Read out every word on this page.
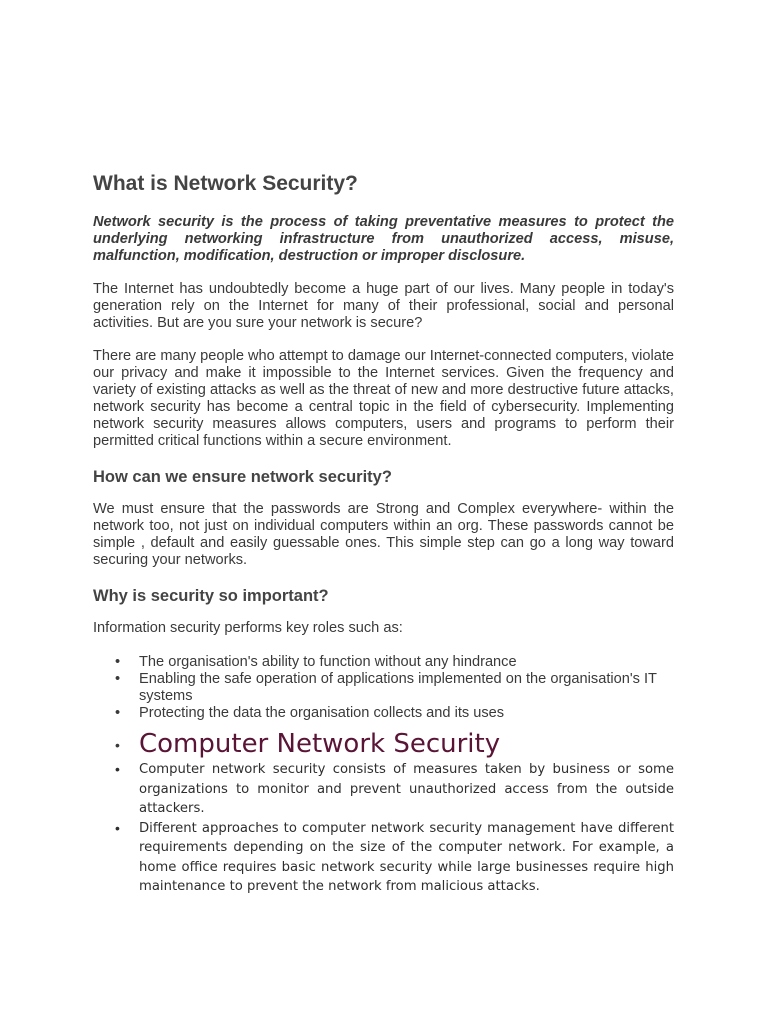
What is Network Security?

Network security is the process of taking preventative measures to protect the underlying networking infrastructure from unauthorized access, misuse, malfunction, modification, destruction or improper disclosure.

The Internet has undoubtedly become a huge part of our lives. Many people in today's generation rely on the Internet for many of their professional, social and personal activities. But are you sure your network is secure?

There are many people who attempt to damage our Internet-connected computers, violate our privacy and make it impossible to the Internet services. Given the frequency and variety of existing attacks as well as the threat of new and more destructive future attacks, network security has become a central topic in the field of cybersecurity. Implementing network security measures allows computers, users and programs to perform their permitted critical functions within a secure environment.

How can we ensure network security?

We must ensure that the passwords are Strong and Complex everywhere- within the network too, not just on individual computers within an org. These passwords cannot be simple , default and easily guessable ones. This simple step can go a long way toward securing your networks.

Why is security so important?

Information security performs key roles such as:

• The organisation's ability to function without any hindrance
• Enabling the safe operation of applications implemented on the organisation's IT systems
• Protecting the data the organisation collects and its uses
• Computer Network Security
• Computer network security consists of measures taken by business or some organizations to monitor and prevent unauthorized access from the outside attackers.
• Different approaches to computer network security management have different requirements depending on the size of the computer network. For example, a home office requires basic network security while large businesses require high maintenance to prevent the network from malicious attacks.
